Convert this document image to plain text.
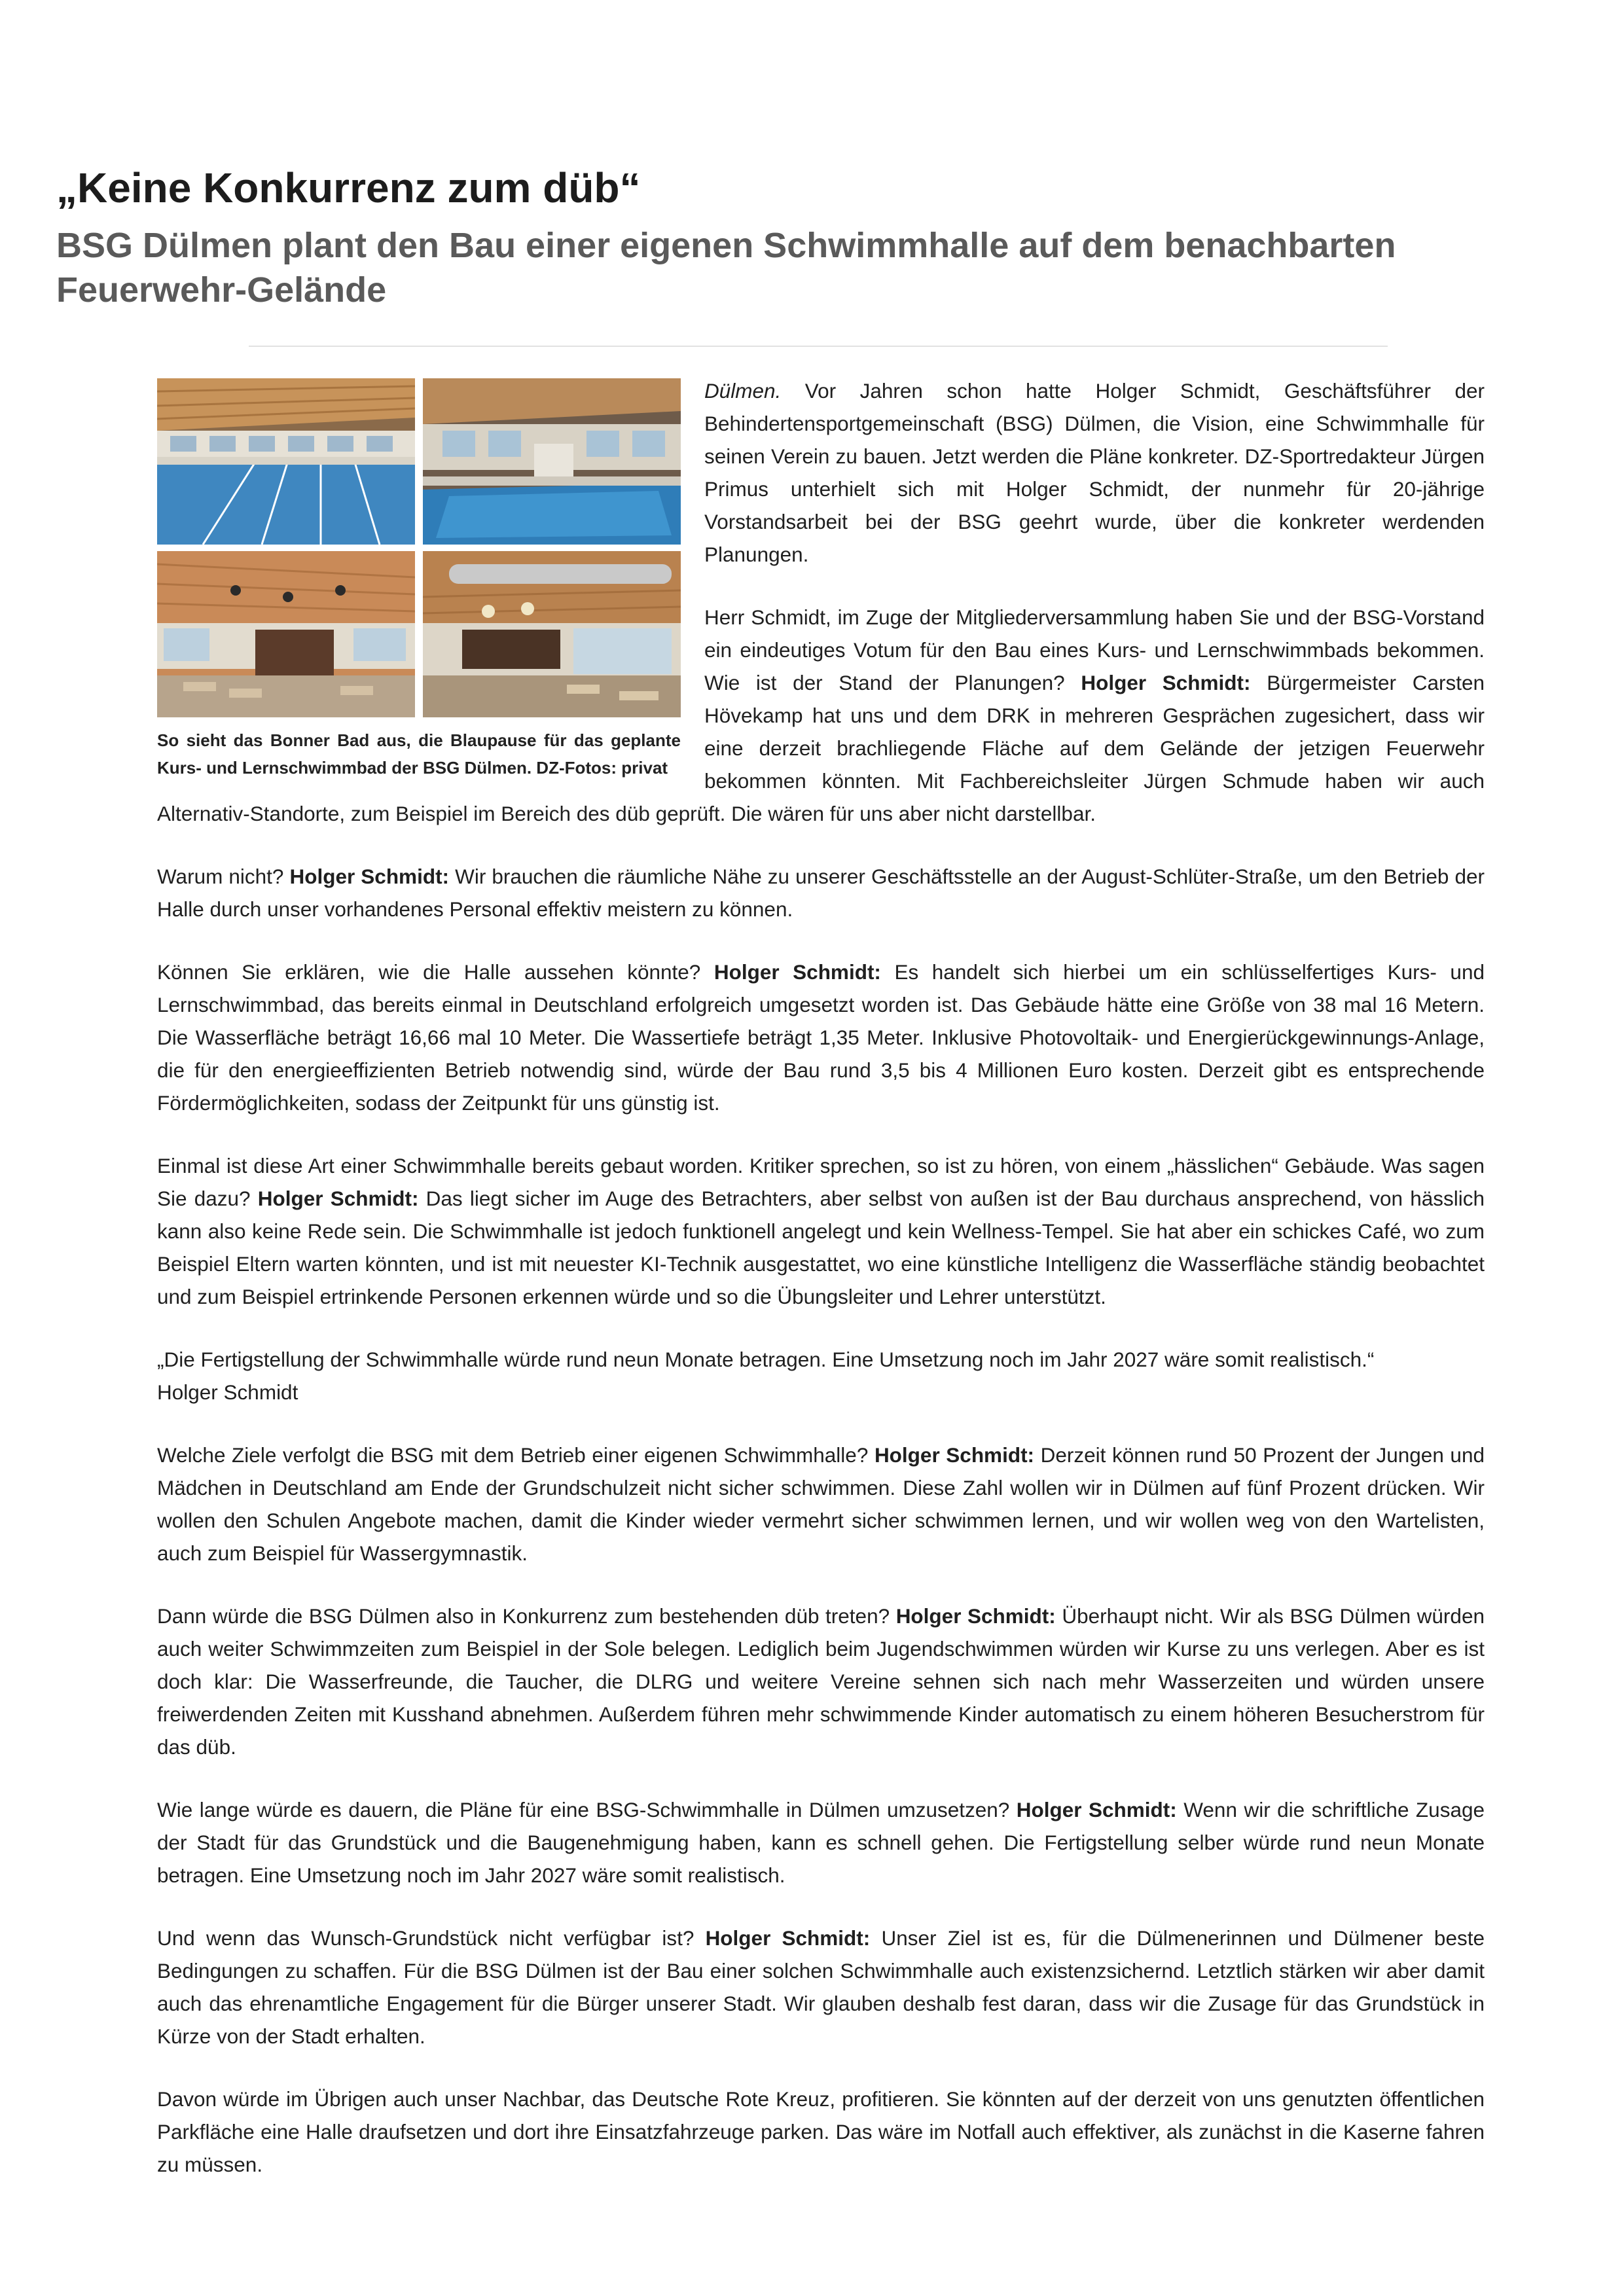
„Keine Konkurrenz zum düb“
BSG Dülmen plant den Bau einer eigenen Schwimmhalle auf dem benachbarten Feuerwehr-Gelände
So sieht das Bonner Bad aus, die Blaupause für das geplante Kurs- und Lernschwimmbad der BSG Dülmen. DZ-Fotos: privat

Dülmen. Vor Jahren schon hatte Holger Schmidt, Geschäftsführer der Behindertensportgemeinschaft (BSG) Dülmen, die Vision, eine Schwimmhalle für seinen Verein zu bauen. Jetzt werden die Pläne konkreter. DZ-Sportredakteur Jürgen Primus unterhielt sich mit Holger Schmidt, der nunmehr für 20-jährige Vorstandsarbeit bei der BSG geehrt wurde, über die konkreter werdenden Planungen.

Herr Schmidt, im Zuge der Mitgliederversammlung haben Sie und der BSG-Vorstand ein eindeutiges Votum für den Bau eines Kurs- und Lernschwimmbads bekommen. Wie ist der Stand der Planungen? Holger Schmidt: Bürgermeister Carsten Hövekamp hat uns und dem DRK in mehreren Gesprächen zugesichert, dass wir eine derzeit brachliegende Fläche auf dem Gelände der jetzigen Feuerwehr bekommen könnten. Mit Fachbereichsleiter Jürgen Schmude haben wir auch Alternativ-Standorte, zum Beispiel im Bereich des düb geprüft. Die wären für uns aber nicht darstellbar.

Warum nicht? Holger Schmidt: Wir brauchen die räumliche Nähe zu unserer Geschäftsstelle an der August-Schlüter-Straße, um den Betrieb der Halle durch unser vorhandenes Personal effektiv meistern zu können.

Können Sie erklären, wie die Halle aussehen könnte? Holger Schmidt: Es handelt sich hierbei um ein schlüsselfertiges Kurs- und Lernschwimmbad, das bereits einmal in Deutschland erfolgreich umgesetzt worden ist. Das Gebäude hätte eine Größe von 38 mal 16 Metern. Die Wasserfläche beträgt 16,66 mal 10 Meter. Die Wassertiefe beträgt 1,35 Meter. Inklusive Photovoltaik- und Energierückgewinnungs-Anlage, die für den energieeffizienten Betrieb notwendig sind, würde der Bau rund 3,5 bis 4 Millionen Euro kosten. Derzeit gibt es entsprechende Fördermöglichkeiten, sodass der Zeitpunkt für uns günstig ist.

Einmal ist diese Art einer Schwimmhalle bereits gebaut worden. Kritiker sprechen, so ist zu hören, von einem „hässlichen“ Gebäude. Was sagen Sie dazu? Holger Schmidt: Das liegt sicher im Auge des Betrachters, aber selbst von außen ist der Bau durchaus ansprechend, von hässlich kann also keine Rede sein. Die Schwimmhalle ist jedoch funktionell angelegt und kein Wellness-Tempel. Sie hat aber ein schickes Café, wo zum Beispiel Eltern warten könnten, und ist mit neuester KI-Technik ausgestattet, wo eine künstliche Intelligenz die Wasserfläche ständig beobachtet und zum Beispiel ertrinkende Personen erkennen würde und so die Übungsleiter und Lehrer unterstützt.

„Die Fertigstellung der Schwimmhalle würde rund neun Monate betragen. Eine Umsetzung noch im Jahr 2027 wäre somit realistisch.“
Holger Schmidt

Welche Ziele verfolgt die BSG mit dem Betrieb einer eigenen Schwimmhalle? Holger Schmidt: Derzeit können rund 50 Prozent der Jungen und Mädchen in Deutschland am Ende der Grundschulzeit nicht sicher schwimmen. Diese Zahl wollen wir in Dülmen auf fünf Prozent drücken. Wir wollen den Schulen Angebote machen, damit die Kinder wieder vermehrt sicher schwimmen lernen, und wir wollen weg von den Wartelisten, auch zum Beispiel für Wassergymnastik.

Dann würde die BSG Dülmen also in Konkurrenz zum bestehenden düb treten? Holger Schmidt: Überhaupt nicht. Wir als BSG Dülmen würden auch weiter Schwimmzeiten zum Beispiel in der Sole belegen. Lediglich beim Jugendschwimmen würden wir Kurse zu uns verlegen. Aber es ist doch klar: Die Wasserfreunde, die Taucher, die DLRG und weitere Vereine sehnen sich nach mehr Wasserzeiten und würden unsere freiwerdenden Zeiten mit Kusshand abnehmen. Außerdem führen mehr schwimmende Kinder automatisch zu einem höheren Besucherstrom für das düb.

Wie lange würde es dauern, die Pläne für eine BSG-Schwimmhalle in Dülmen umzusetzen? Holger Schmidt: Wenn wir die schriftliche Zusage der Stadt für das Grundstück und die Baugenehmigung haben, kann es schnell gehen. Die Fertigstellung selber würde rund neun Monate betragen. Eine Umsetzung noch im Jahr 2027 wäre somit realistisch.

Und wenn das Wunsch-Grundstück nicht verfügbar ist? Holger Schmidt: Unser Ziel ist es, für die Dülmenerinnen und Dülmener beste Bedingungen zu schaffen. Für die BSG Dülmen ist der Bau einer solchen Schwimmhalle auch existenzsichernd. Letztlich stärken wir aber damit auch das ehrenamtliche Engagement für die Bürger unserer Stadt. Wir glauben deshalb fest daran, dass wir die Zusage für das Grundstück in Kürze von der Stadt erhalten.

Davon würde im Übrigen auch unser Nachbar, das Deutsche Rote Kreuz, profitieren. Sie könnten auf der derzeit von uns genutzten öffentlichen Parkfläche eine Halle draufsetzen und dort ihre Einsatzfahrzeuge parken. Das wäre im Notfall auch effektiver, als zunächst in die Kaserne fahren zu müssen.
